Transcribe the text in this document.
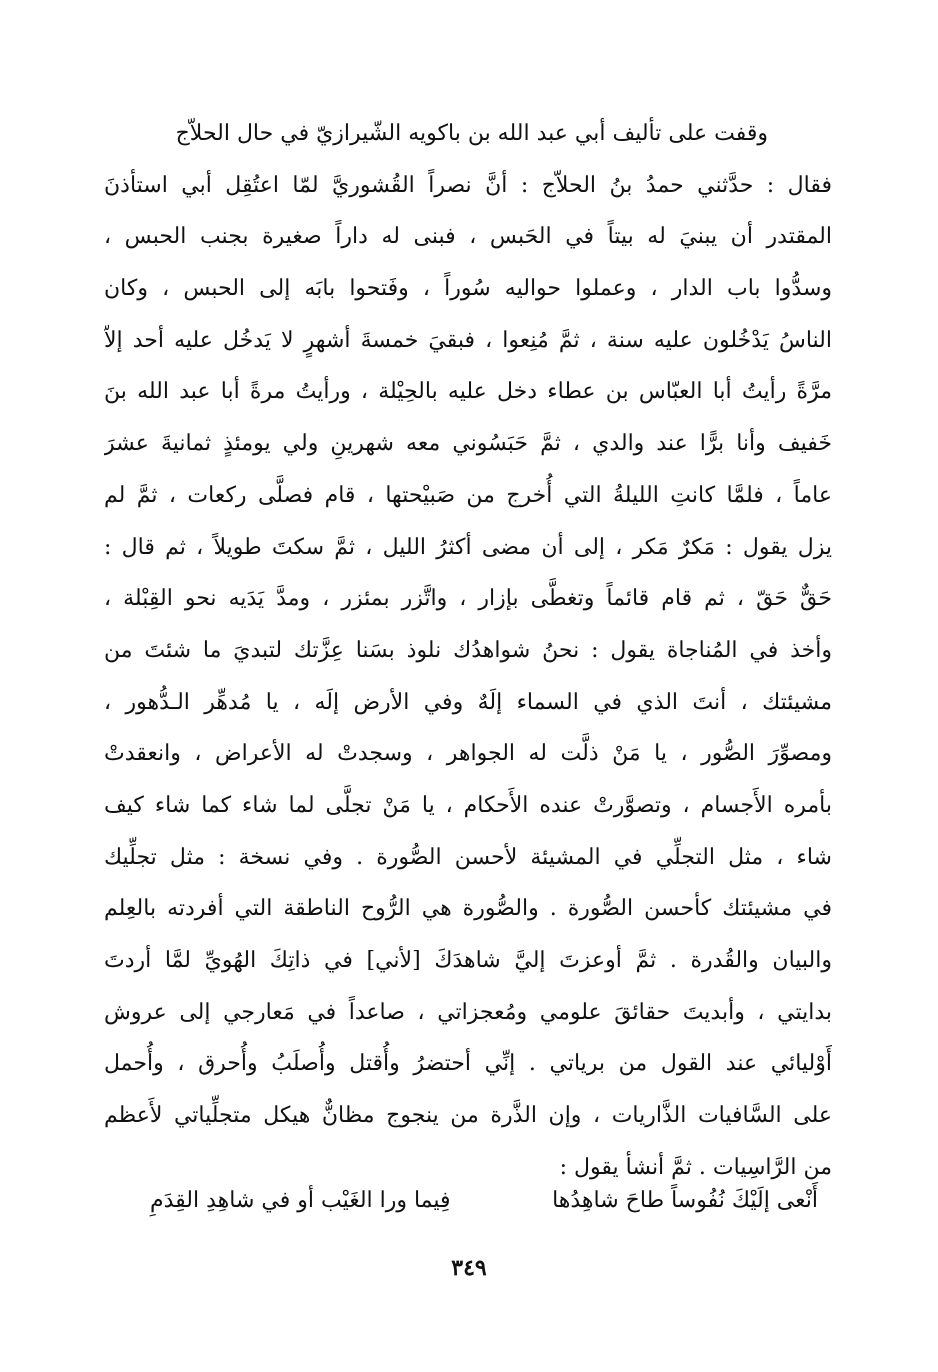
وقفت على تأليف أبي عبد الله بن باكويه الشّيرازيّ في حال الحلاّج
فقال : حدَّثني حمدُ بنُ الحلاّج : أنَّ نصراً القُشوريَّ لمّا اعتُقِل أبي استأذنَ
المقتدر أن يبنيَ له بيتاً في الحَبس ، فبنى له داراً صغيرة بجنب الحبس ،
وسدُّوا باب الدار ، وعملوا حواليه سُوراً ، وفَتحوا بابَه إلى الحبس ، وكان
الناسُ يَدْخُلون عليه سنة ، ثمَّ مُنِعوا ، فبقيَ خمسةَ أشهرٍ لا يَدخُل عليه أحد إلاّ
مرَّةً رأيتُ أبا العبّاس بن عطاء دخل عليه بالحِيْلة ، ورأيتُ مرةً أبا عبد الله بنَ
خَفيف وأنا برًّا عند والدي ، ثمَّ حَبَسُوني معه شهرينِ ولي يومئذٍ ثمانيةَ عشرَ
عاماً ، فلمَّا كانتِ الليلةُ التي أُخرج من صَبيْحتها ، قام فصلَّى ركعات ، ثمَّ لم
يزل يقول : مَكرٌ مَكر ، إلى أن مضى أكثرُ الليل ، ثمَّ سكتَ طويلاً ، ثم قال :
حَقٌّ حَقّ ، ثم قام قائماً وتغطَّى بإزار ، واتَّزر بمئزر ، ومدَّ يَدَيه نحو القِبْلة ،
وأخذ في المُناجاة يقول : نحنُ شواهدُك نلوذ بسَنا عِزَّتك لتبديَ ما شئتَ من
مشيئتك ، أنتَ الذي في السماء إلَهٌ وفي الأرض إلَه ، يا مُدهِّر الـدُّهور ،
ومصوِّرَ الصُّور ، يا مَنْ ذلَّت له الجواهر ، وسجدتْ له الأعراض ، وانعقدتْ
بأمره الأَجسام ، وتصوَّرتْ عنده الأَحكام ، يا مَنْ تجلَّى لما شاء كما شاء كيف
شاء ، مثل التجلِّي في المشيئة لأحسن الصُّورة . وفي نسخة : مثل تجلِّيك
في مشيئتك كأحسن الصُّورة . والصُّورة هي الرُّوح الناطقة التي أفردته بالعِلم
والبيان والقُدرة . ثمَّ أوعزتَ إليَّ شاهدَكَ [لأني] في ذاتِكَ الهُويِّ لمَّا أردتَ
بدايتي ، وأبديتَ حقائقَ علومي ومُعجزاتي ، صاعداً في مَعارجي إلى عروش
أَوْليائي عند القول من برياتي . إنِّي أحتضرُ وأُقتل وأُصلَبُ وأُحرق ، وأُحمل
على السَّافيات الذَّاريات ، وإن الذَّرة من ينجوج مظانٌّ هيكل متجلِّياتي لأَعظم
من الرَّاسِيات . ثمَّ أنشأ يقول :
أَنْعى إلَيْكَ نُفُوساً طاحَ شاهِدُها
فِيما ورا الغَيْب أو في شاهِدِ القِدَمِ
٣٤٩
